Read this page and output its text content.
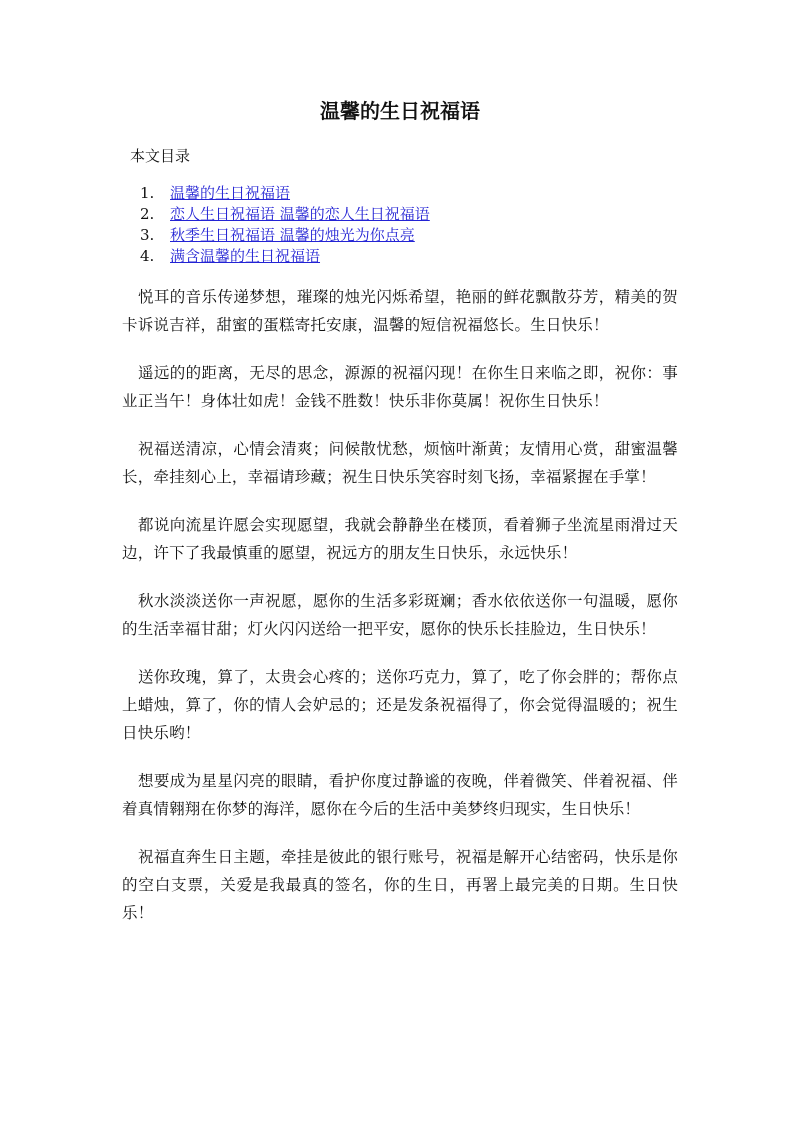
温馨的生日祝福语
本文目录
1. 温馨的生日祝福语
2. 恋人生日祝福语 温馨的恋人生日祝福语
3. 秋季生日祝福语 温馨的烛光为你点亮
4. 满含温馨的生日祝福语

悦耳的音乐传递梦想，璀璨的烛光闪烁希望，艳丽的鲜花飘散芬芳，精美的贺卡诉说吉祥，甜蜜的蛋糕寄托安康，温馨的短信祝福悠长。生日快乐！

遥远的的距离，无尽的思念，源源的祝福闪现！在你生日来临之即，祝你：事业正当午！身体壮如虎！金钱不胜数！快乐非你莫属！祝你生日快乐！

祝福送清凉，心情会清爽；问候散忧愁，烦恼叶渐黄；友情用心赏，甜蜜温馨长，牵挂刻心上，幸福请珍藏；祝生日快乐笑容时刻飞扬，幸福紧握在手掌！

都说向流星许愿会实现愿望，我就会静静坐在楼顶，看着狮子坐流星雨滑过天边，许下了我最慎重的愿望，祝远方的朋友生日快乐，永远快乐！

秋水淡淡送你一声祝愿，愿你的生活多彩斑斓；香水依依送你一句温暖，愿你的生活幸福甘甜；灯火闪闪送给一把平安，愿你的快乐长挂脸边，生日快乐！

送你玫瑰，算了，太贵会心疼的；送你巧克力，算了，吃了你会胖的；帮你点上蜡烛，算了，你的情人会妒忌的；还是发条祝福得了，你会觉得温暖的；祝生日快乐哟！

想要成为星星闪亮的眼睛，看护你度过静谧的夜晚，伴着微笑、伴着祝福、伴着真情翱翔在你梦的海洋，愿你在今后的生活中美梦终归现实，生日快乐！

祝福直奔生日主题，牵挂是彼此的银行账号，祝福是解开心结密码，快乐是你的空白支票，关爱是我最真的签名，你的生日，再署上最完美的日期。生日快乐！
